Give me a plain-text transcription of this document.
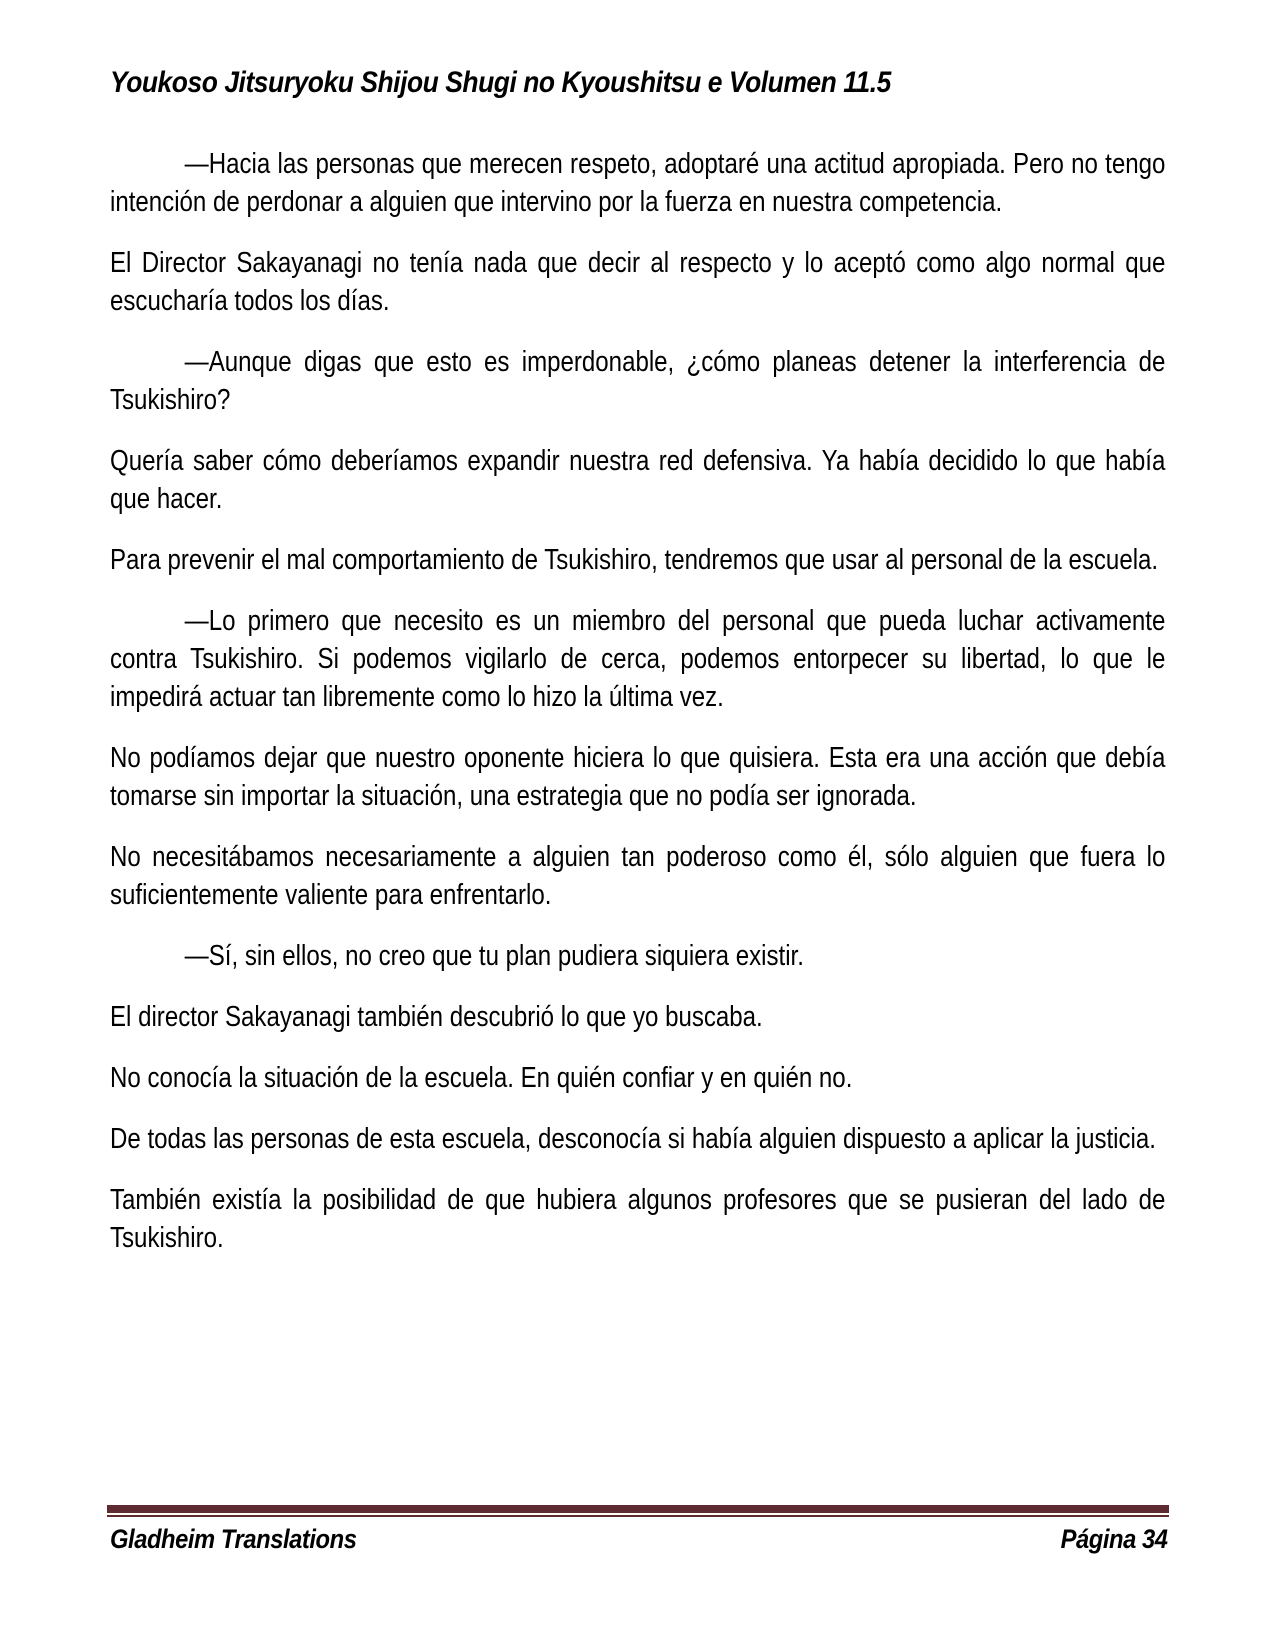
Youkoso Jitsuryoku Shijou Shugi no Kyoushitsu e Volumen 11.5
—Hacia las personas que merecen respeto, adoptaré una actitud apropiada. Pero no tengo intención de perdonar a alguien que intervino por la fuerza en nuestra competencia.
El Director Sakayanagi no tenía nada que decir al respecto y lo aceptó como algo normal que escucharía todos los días.
—Aunque digas que esto es imperdonable, ¿cómo planeas detener la interferencia de Tsukishiro?
Quería saber cómo deberíamos expandir nuestra red defensiva. Ya había decidido lo que había que hacer.
Para prevenir el mal comportamiento de Tsukishiro, tendremos que usar al personal de la escuela.
—Lo primero que necesito es un miembro del personal que pueda luchar activamente contra Tsukishiro. Si podemos vigilarlo de cerca, podemos entorpecer su libertad, lo que le impedirá actuar tan libremente como lo hizo la última vez.
No podíamos dejar que nuestro oponente hiciera lo que quisiera. Esta era una acción que debía tomarse sin importar la situación, una estrategia que no podía ser ignorada.
No necesitábamos necesariamente a alguien tan poderoso como él, sólo alguien que fuera lo suficientemente valiente para enfrentarlo.
—Sí, sin ellos, no creo que tu plan pudiera siquiera existir.
El director Sakayanagi también descubrió lo que yo buscaba.
No conocía la situación de la escuela. En quién confiar y en quién no.
De todas las personas de esta escuela, desconocía si había alguien dispuesto a aplicar la justicia.
También existía la posibilidad de que hubiera algunos profesores que se pusieran del lado de Tsukishiro.
Gladheim Translations	Página 34
